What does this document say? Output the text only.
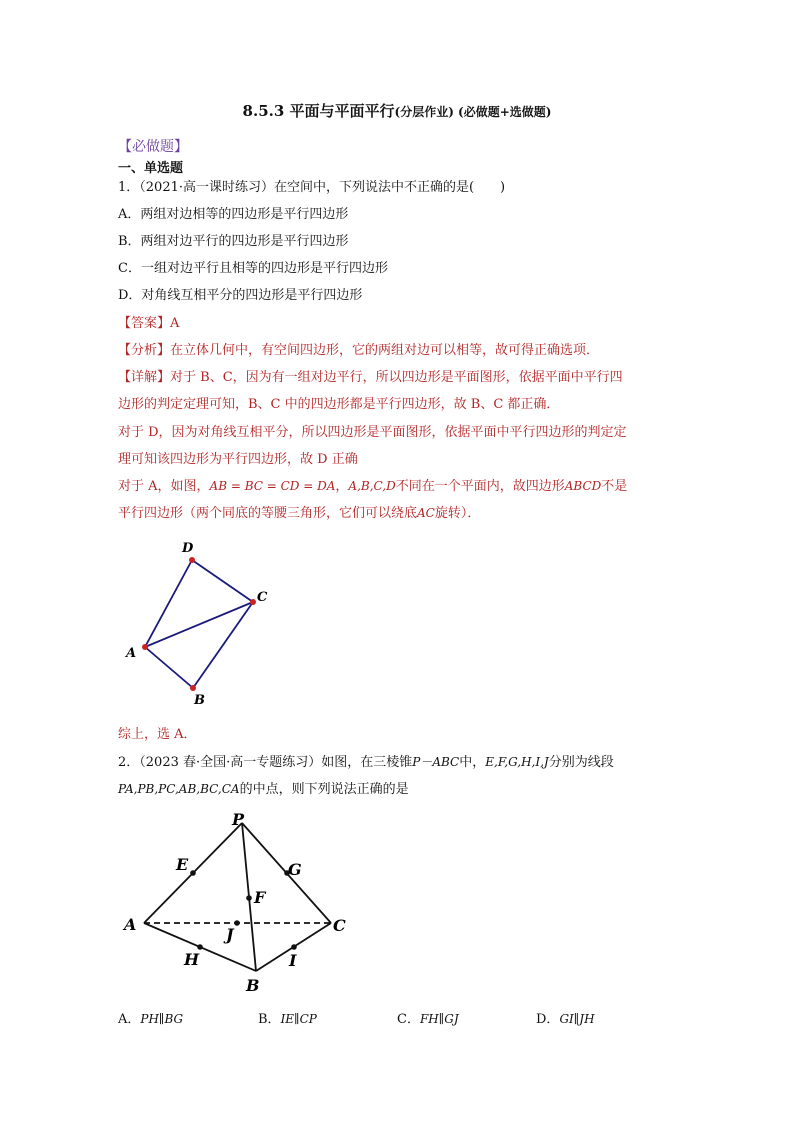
8.5.3 平面与平面平行(分层作业) (必做题+选做题)
【必做题】
一、单选题
1．（2021·高一课时练习）在空间中，下列说法中不正确的是(　　)
A．两组对边相等的四边形是平行四边形
B．两组对边平行的四边形是平行四边形
C．一组对边平行且相等的四边形是平行四边形
D．对角线互相平分的四边形是平行四边形
【答案】A
【分析】在立体几何中，有空间四边形，它的两组对边可以相等，故可得正确选项．
【详解】对于 B、C，因为有一组对边平行，所以四边形是平面图形，依据平面中平行四
边形的判定定理可知，B、C 中的四边形都是平行四边形，故 B、C 都正确．
对于 D，因为对角线互相平分，所以四边形是平面图形，依据平面中平行四边形的判定定
理可知该四边形为平行四边形，故 D 正确
对于 A，如图，AB = BC = CD = DA，A,B,C,D不同在一个平面内，故四边形ABCD不是
平行四边形（两个同底的等腰三角形，它们可以绕底AC旋转）．
D
C
A
B
综上，选 A．
2．（2023 春·全国·高一专题练习）如图，在三棱锥P－ABC中，E,F,G,H,I,J分别为线段
PA,PB,PC,AB,BC,CA的中点，则下列说法正确的是
P
E	G
F
A	C
J
H	I
B
A．PH∥BG	B．IE∥CP	C．FH∥GJ	D．GI∥JH
